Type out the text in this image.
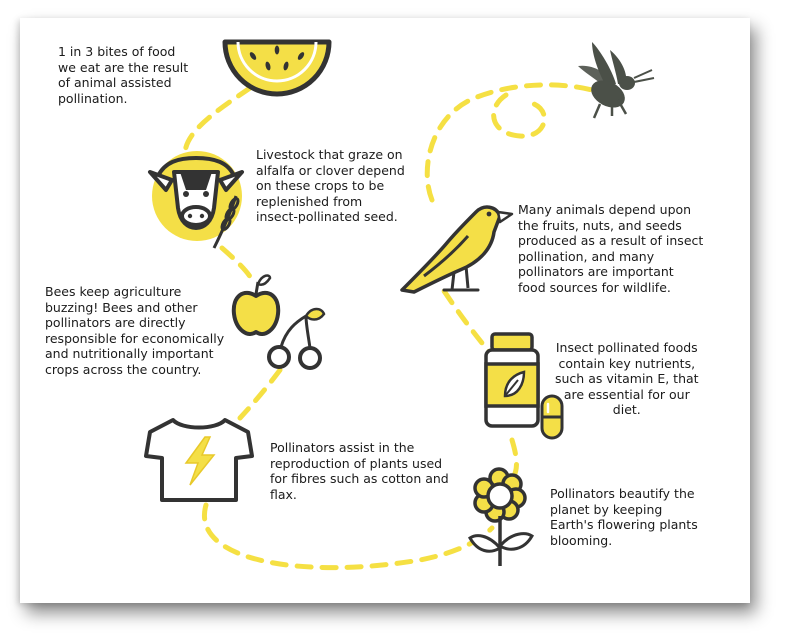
1 in 3 bites of food
we eat are the result
of animal assisted
pollination.

Livestock that graze on
alfalfa or clover depend
on these crops to be
replenished from
insect-pollinated seed.

Bees keep agriculture
buzzing! Bees and other
pollinators are directly
responsible for economically
and nutritionally important
crops across the country.

Pollinators assist in the
reproduction of plants used
for fibres such as cotton and
flax.

Many animals depend upon
the fruits, nuts, and seeds
produced as a result of insect
pollination, and many
pollinators are important
food sources for wildlife.

Insect pollinated foods
contain key nutrients,
such as vitamin E, that
are essential for our
diet.

Pollinators beautify the
planet by keeping
Earth's flowering plants
blooming.
